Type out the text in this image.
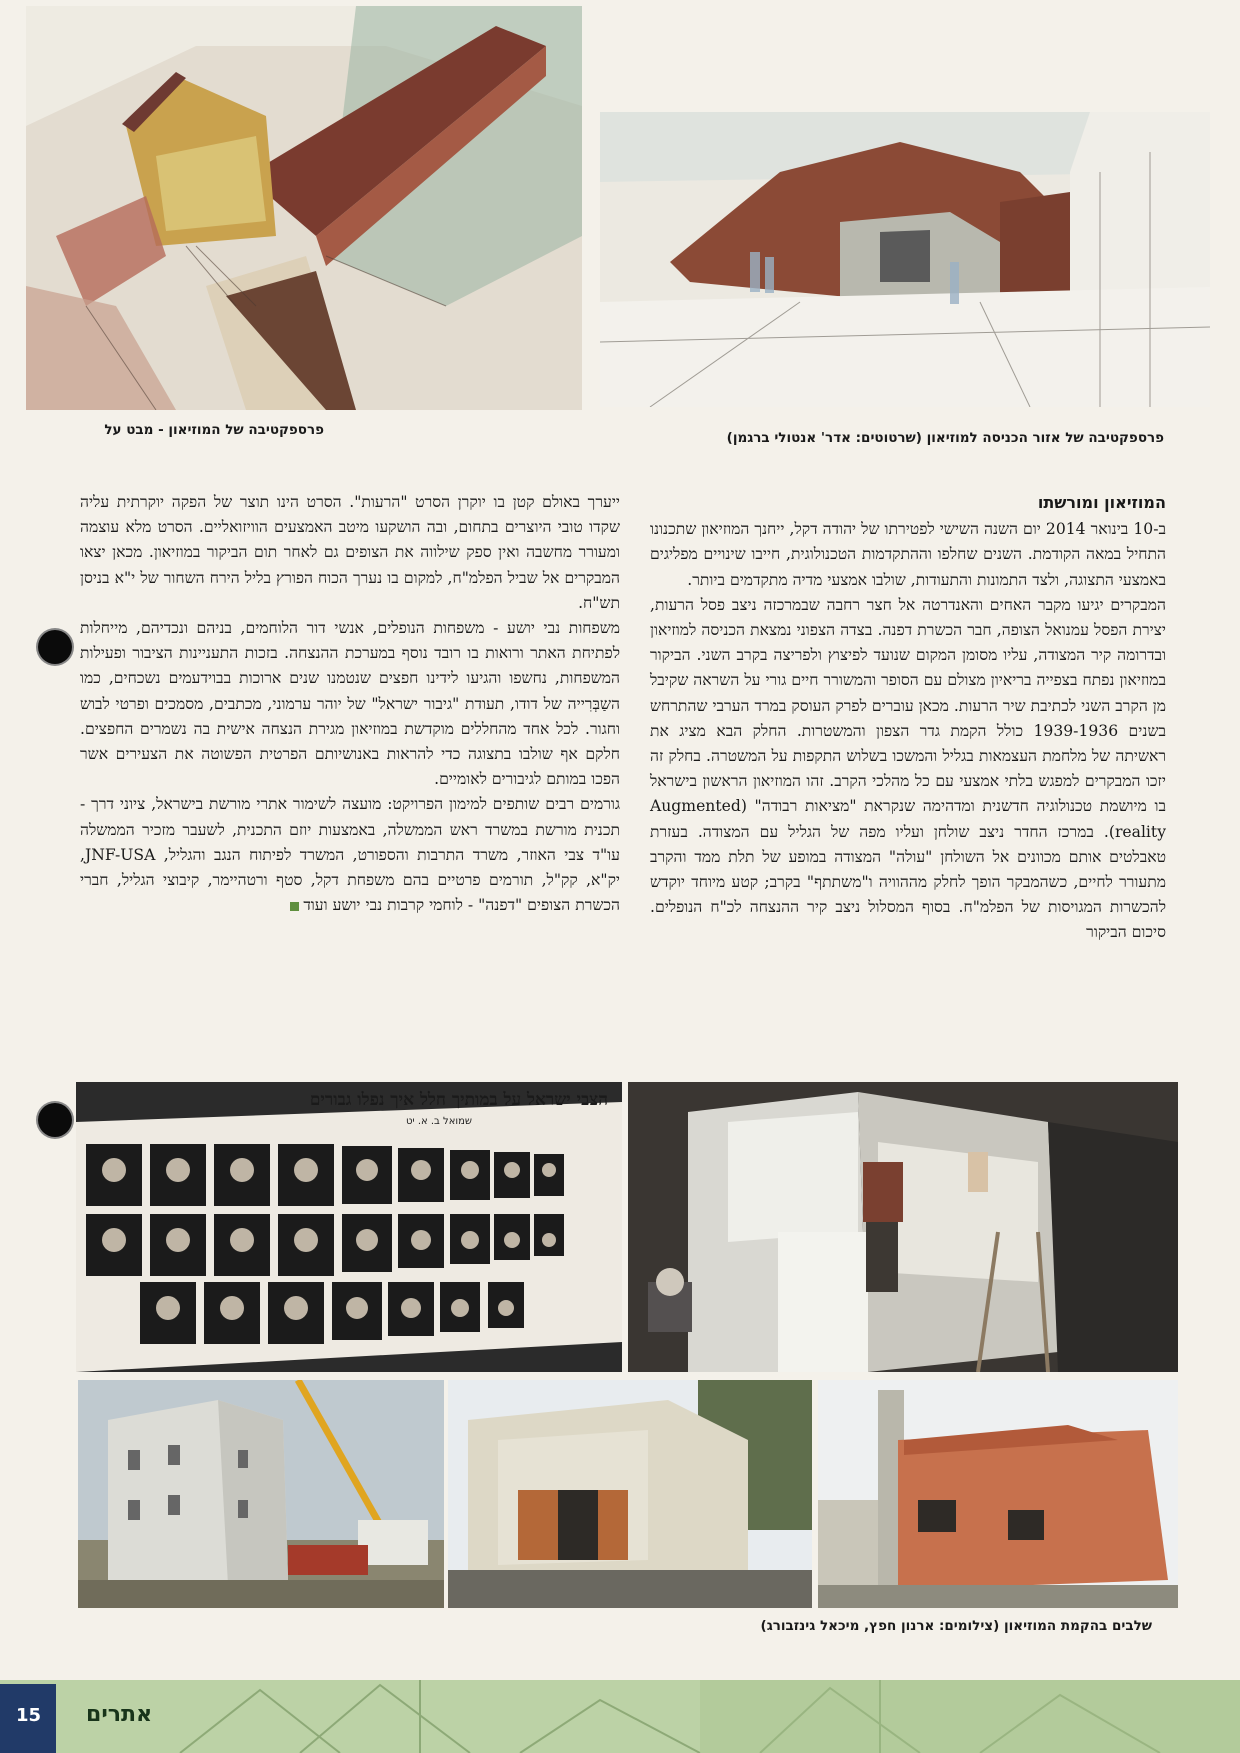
פרספקטיבה של המוזיאון - מבט על	פרספקטיבה של אזור הכניסה למוזיאון (שרטוטים: אדר' אנטולי ברגמן)
המוזיאון ומורשתו

ב-10 בינואר 2014 יום השנה השישי לפטירתו של יהודה דקל, ייחנך המוזיאון שתכנונו התחיל במאה הקודמת. השנים שחלפו וההתקדמות הטכנולוגית, חייבו שינויים מפליגים באמצעי התצוגה, ולצד התמונות והתעודות, שולבו אמצעי מדיה מתקדמים ביותר.

המבקרים יגיעו מקבר האחים והאנדרטה אל חצר רחבה שבמרכזה ניצב פסל הרעות, יצירת הפסל עמנואל הצופה, חבר הכשרת דפנה. בצדה הצפוני נמצאת הכניסה למוזיאון ובדרומה קיר המצודה, עליו מסומן המקום שנועד לפיצוץ ולפריצה בקרב השני. הביקור במוזיאון נפתח בצפייה בריאיון מצולם עם הסופר והמשורר חיים גורי על השראה שקיבל מן הקרב השני לכתיבת שיר הרעות. מכאן עוברים לפרק העוסק במרד הערבי שהתרחש בשנים 1939-1936 כולל הקמת גדר הצפון והמשטרות. החלק הבא מציג את ראשיתה של מלחמת העצמאות בגליל והמשכו בשלוש התקפות על המשטרה. בחלק זה יזכו המבקרים למפגש בלתי אמצעי עם כל מהלכי הקרב. זהו המוזיאון הראשון בישראל בו מיושמת טכנולוגיה חדשנית ומדהימה שנקראת "מציאות רבודה" (Augmented reality). במרכז החדר ניצב שולחן ועליו מפה של הגליל עם המצודה. בעזרת טאבלטים אותם מכוונים אל השולחן "עולה" המצודה במופע של תלת ממד והקרב מתעורר לחיים, כשהמבקר הופך לחלק מההוויה ו"משתתף" בקרב; קטע מיוחד יוקדש להכשרות המגויסות של הפלמ"ח. בסוף המסלול ניצב קיר ההנצחה לכ"ח הנופלים. סיכום הביקור

ייערך באולם קטן בו יוקרן הסרט "הרעות". הסרט הינו תוצר של הפקה יוקרתית עליה שקדו טובי היוצרים בתחום, ובה הושקעו מיטב האמצעים הוויזואליים. הסרט מלא עוצמה ומעורר מחשבה ואין ספק שילווה את הצופים גם לאחר תום הביקור במוזיאון. מכאן יצאו המבקרים אל שביל הפלמ"ח, למקום בו נערך הכוח הפורץ בליל הירח השחור של י"א בניסן תש"ח.

משפחות נבי יושע - משפחות הנופלים, אנשי דור הלוחמים, בניהם ונכדיהם, מייחלות לפתיחת האתר ורואות בו רובד נוסף במערכת ההנצחה. בזכות התעניינות הציבור ופעילות המשפחות, נחשפו והגיעו לידינו חפצים שנטמנו שנים ארוכות בבוידעמים נשכחים, כמו השַבְּרִייה של דודו, תעודת "גיבור ישראל" של יוהר ערמוני, מכתבים, מסמכים ופרטי לבוש וחגור. לכל אחד מהחללים מוקדשת במוזיאון מגירת הנצחה אישית בה נשמרים החפצים. חלקם אף שולבו בתצוגה כדי להראות באנושיותם הפרטית הפשוטה את הצעירים אשר הפכו במותם לגיבורים לאומיים.

גורמים רבים שותפים למימון הפרויקט: מועצה לשימור אתרי מורשת בישראל, ציוני דרך - תכנית מורשת במשרד ראש הממשלה, באמצעות יוזם התכנית, לשעבר מזכיר הממשלה עו"ד צבי האוזר, משרד התרבות והספורט, המשרד לפיתוח הנגב והגליל, JNF-USA, יק"א, קק"ל, תורמים פרטיים בהם משפחת דקל, סטף ורטהיימר, קיבוצי הגליל, חברי הכשרת הצופים "דפנה" - לוחמי קרבות נבי יושע ועוד

הצבי ישראל על במותיך חלל איך נפלו גבורים
שמואל ב. א. יט
שלבים בהקמת המוזיאון (צילומים: ארנון חפץ, מיכאל גינזבורג)
15 אתרים
